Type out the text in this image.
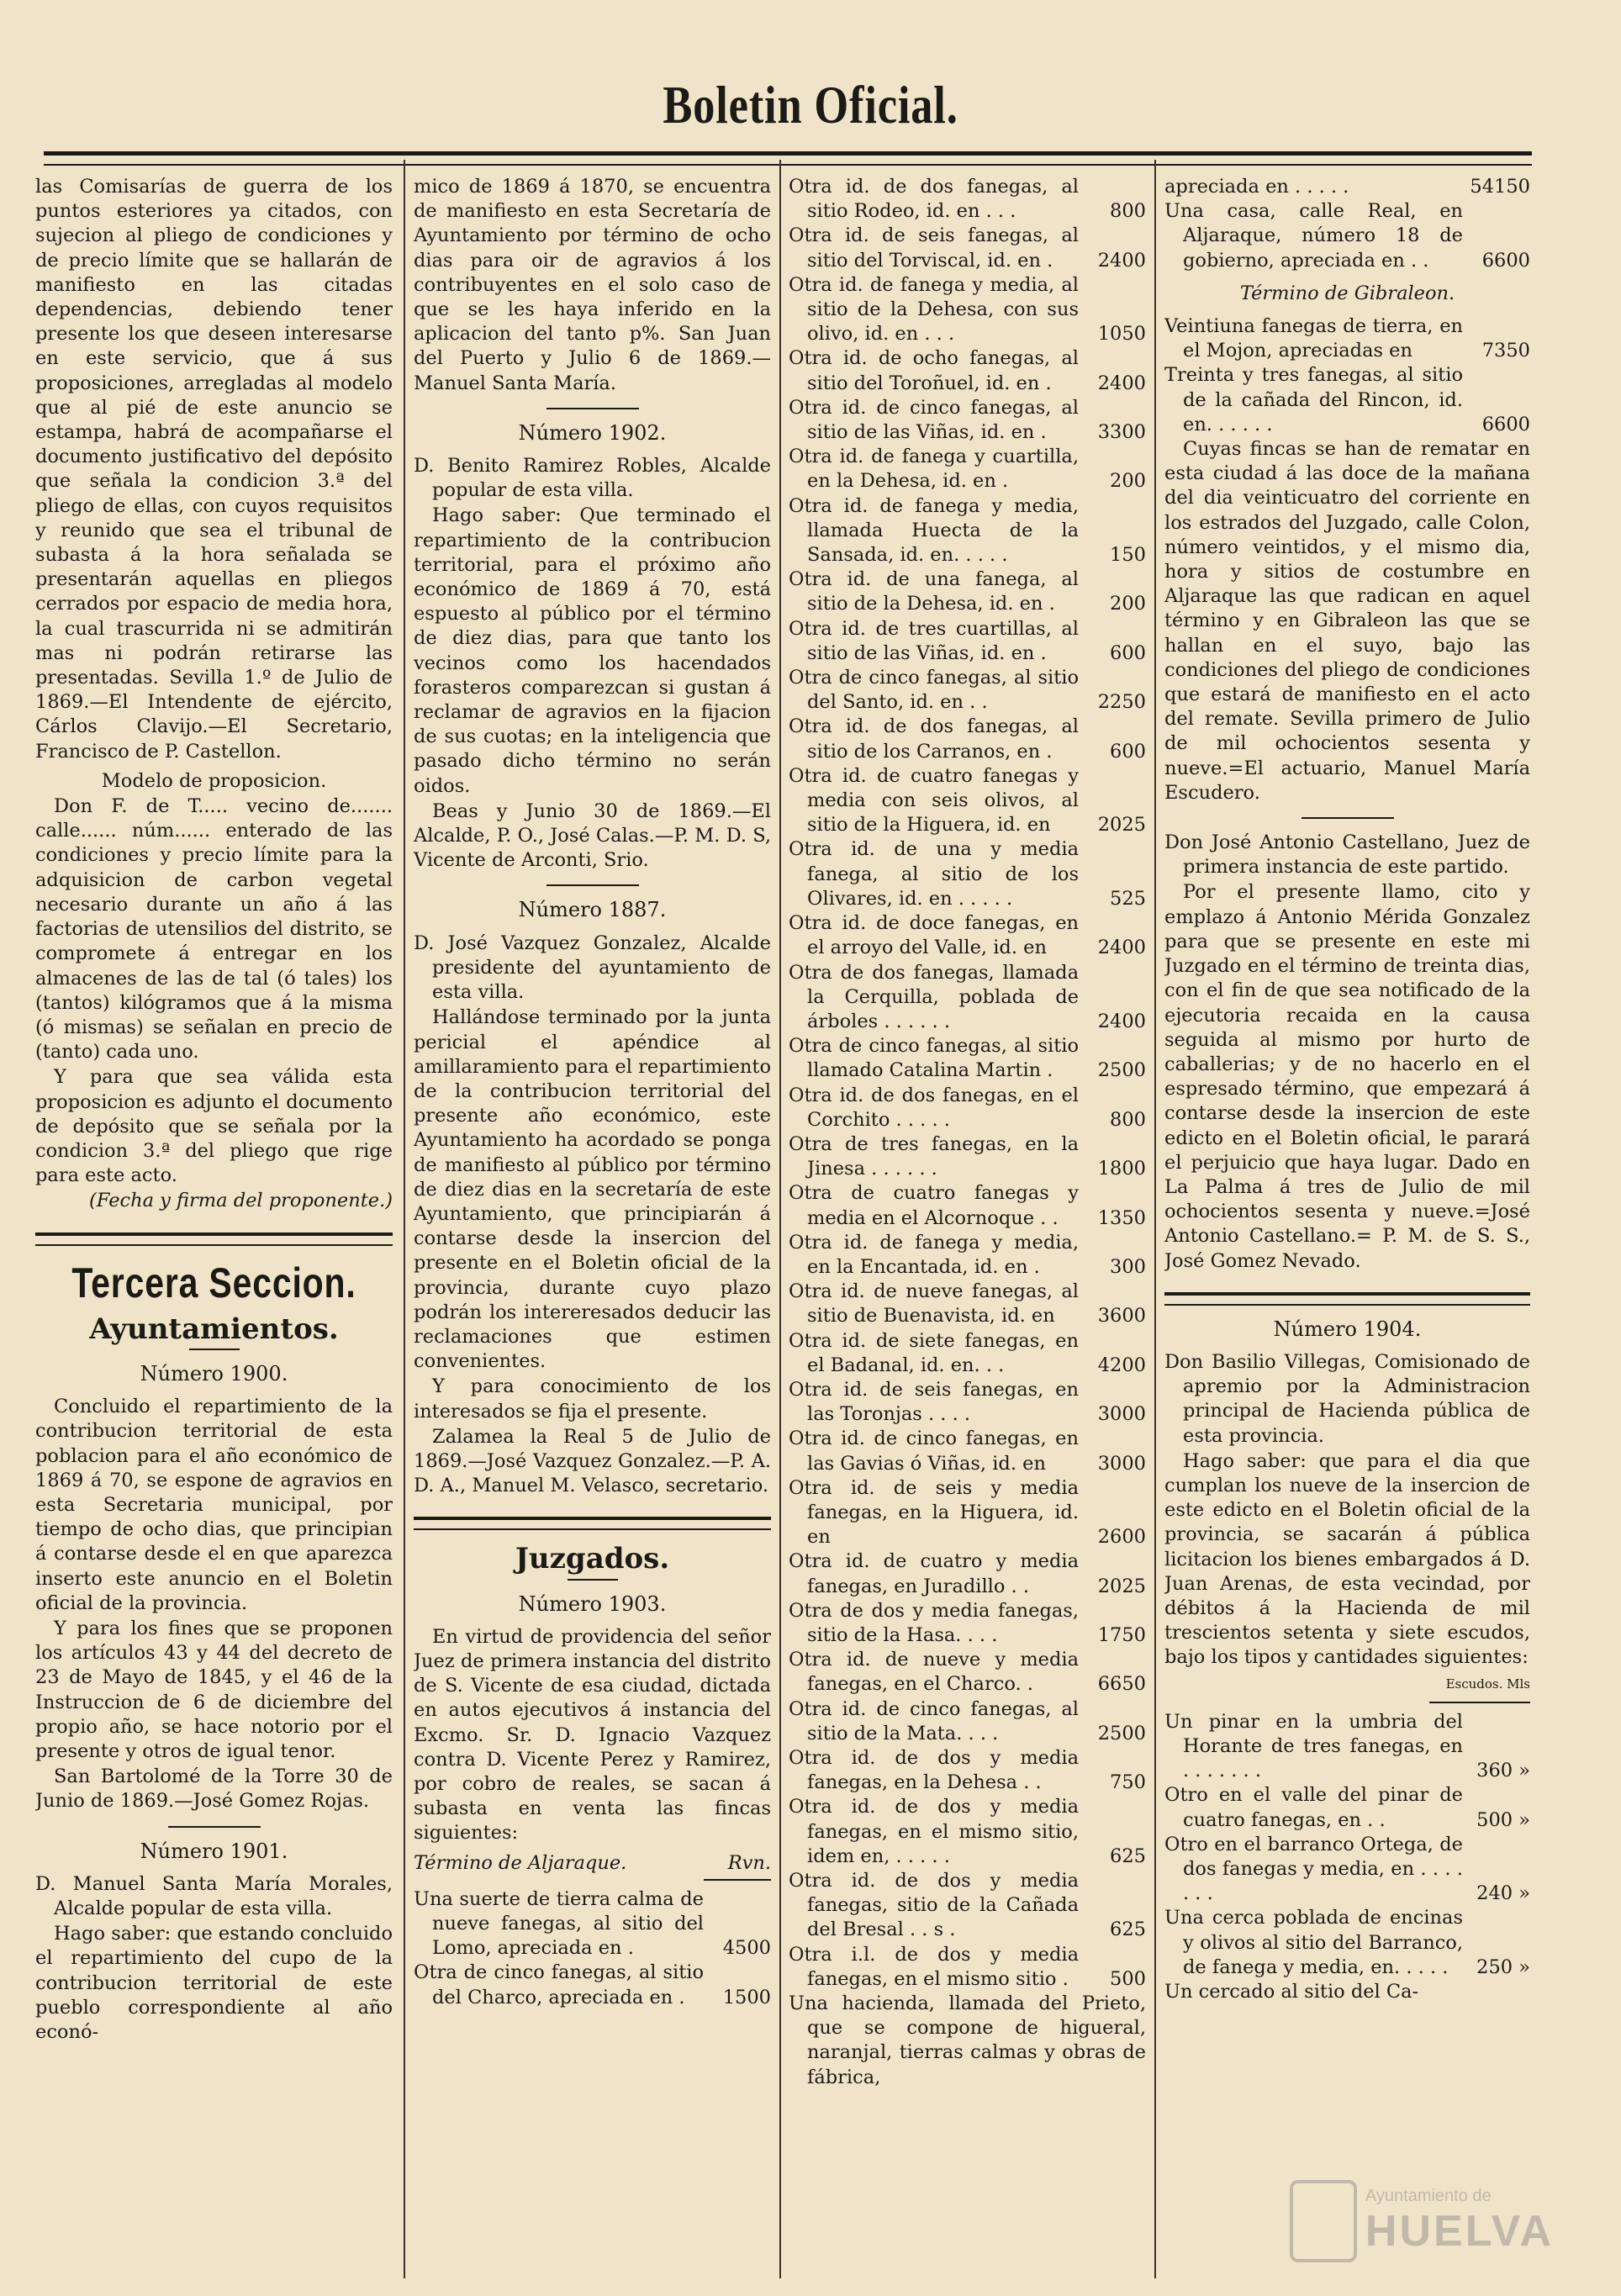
Boletin Oficial.

las Comisarías de guerra de los puntos esteriores ya citados, con sujecion al pliego de condiciones y de precio límite que se hallarán de manifiesto en las citadas dependencias, debiendo tener presente los que deseen interesarse en este servicio, que á sus proposiciones, arregladas al modelo que al pié de este anuncio se estampa, habrá de acompañarse el documento justificativo del depósito que señala la condicion 3.ª del pliego de ellas, con cuyos requisitos y reunido que sea el tribunal de subasta á la hora señalada se presentarán aquellas en pliegos cerrados por espacio de media hora, la cual trascurrida ni se admitirán mas ni podrán retirarse las presentadas. Sevilla 1.º de Julio de 1869.—El Intendente de ejército, Cárlos Clavijo.—El Secretario, Francisco de P. Castellon.

Modelo de proposicion.

Don F. de T..... vecino de....... calle...... núm...... enterado de las condiciones y precio límite para la adquisicion de carbon vegetal necesario durante un año á las factorias de utensilios del distrito, se compromete á entregar en los almacenes de las de tal (ó tales) los (tantos) kilógramos que á la misma (ó mismas) se señalan en precio de (tanto) cada uno.

Y para que sea válida esta proposicion es adjunto el documento de depósito que se señala por la condicion 3.ª del pliego que rige para este acto.

(Fecha y firma del proponente.)

Tercera Seccion.
Ayuntamientos.
Número 1900.

Concluido el repartimiento de la contribucion territorial de esta poblacion para el año económico de 1869 á 70, se espone de agravios en esta Secretaria municipal, por tiempo de ocho dias, que principian á contarse desde el en que aparezca inserto este anuncio en el Boletin oficial de la provincia.

Y para los fines que se proponen los artículos 43 y 44 del decreto de 23 de Mayo de 1845, y el 46 de la Instruccion de 6 de diciembre del propio año, se hace notorio por el presente y otros de igual tenor.

San Bartolomé de la Torre 30 de Junio de 1869.—José Gomez Rojas.

Número 1901.

D. Manuel Santa María Morales, Alcalde popular de esta villa.

Hago saber: que estando concluido el repartimiento del cupo de la contribucion territorial de este pueblo correspondiente al año econó-

mico de 1869 á 1870, se encuentra de manifiesto en esta Secretaría de Ayuntamiento por término de ocho dias para oir de agravios á los contribuyentes en el solo caso de que se les haya inferido en la aplicacion del tanto p%. San Juan del Puerto y Julio 6 de 1869.—Manuel Santa María.

Número 1902.

D. Benito Ramirez Robles, Alcalde popular de esta villa.

Hago saber: Que terminado el repartimiento de la contribucion territorial, para el próximo año económico de 1869 á 70, está espuesto al público por el término de diez dias, para que tanto los vecinos como los hacendados forasteros comparezcan si gustan á reclamar de agravios en la fijacion de sus cuotas; en la inteligencia que pasado dicho término no serán oidos.

Beas y Junio 30 de 1869.—El Alcalde, P. O., José Calas.—P. M. D. S, Vicente de Arconti, Srio.

Número 1887.

D. José Vazquez Gonzalez, Alcalde presidente del ayuntamiento de esta villa.

Hallándose terminado por la junta pericial el apéndice al amillaramiento para el repartimiento de la contribucion territorial del presente año económico, este Ayuntamiento ha acordado se ponga de manifiesto al público por término de diez dias en la secretaría de este Ayuntamiento, que principiarán á contarse desde la insercion del presente en el Boletin oficial de la provincia, durante cuyo plazo podrán los intereresados deducir las reclamaciones que estimen convenientes.

Y para conocimiento de los interesados se fija el presente.

Zalamea la Real 5 de Julio de 1869.—José Vazquez Gonzalez.—P. A. D. A., Manuel M. Velasco, secretario.

Juzgados.
Número 1903.

En virtud de providencia del señor Juez de primera instancia del distrito de S. Vicente de esa ciudad, dictada en autos ejecutivos á instancia del Excmo. Sr. D. Ignacio Vazquez contra D. Vicente Perez y Ramirez, por cobro de reales, se sacan á subasta en venta las fincas siguientes:

Término de Aljaraque.	Rvn.
Una suerte de tierra calma de nueve fanegas, al sitio del Lomo, apreciada en .	4500
Otra de cinco fanegas, al sitio del Charco, apreciada en .	1500
Otra id. de dos fanegas, al sitio Rodeo, id. en . . .	800
Otra id. de seis fanegas, al sitio del Torviscal, id. en .	2400
Otra id. de fanega y media, al sitio de la Dehesa, con sus olivo, id. en . . .	1050
Otra id. de ocho fanegas, al sitio del Toroñuel, id. en .	2400
Otra id. de cinco fanegas, al sitio de las Viñas, id. en .	3300
Otra id. de fanega y cuartilla, en la Dehesa, id. en .	200
Otra id. de fanega y media, llamada Huecta de la Sansada, id. en. . . . .	150
Otra id. de una fanega, al sitio de la Dehesa, id. en .	200
Otra id. de tres cuartillas, al sitio de las Viñas, id. en .	600
Otra de cinco fanegas, al sitio del Santo, id. en . .	2250
Otra id. de dos fanegas, al sitio de los Carranos, en .	600
Otra id. de cuatro fanegas y media con seis olivos, al sitio de la Higuera, id. en	2025
Otra id. de una y media fanega, al sitio de los Olivares, id. en . . . . .	525
Otra id. de doce fanegas, en el arroyo del Valle, id. en	2400
Otra de dos fanegas, llamada la Cerquilla, poblada de árboles . . . . . .	2400
Otra de cinco fanegas, al sitio llamado Catalina Martin .	2500
Otra id. de dos fanegas, en el Corchito . . . . .	800
Otra de tres fanegas, en la Jinesa . . . . . .	1800
Otra de cuatro fanegas y media en el Alcornoque . .	1350
Otra id. de fanega y media, en la Encantada, id. en .	300
Otra id. de nueve fanegas, al sitio de Buenavista, id. en	3600
Otra id. de siete fanegas, en el Badanal, id. en. . .	4200
Otra id. de seis fanegas, en las Toronjas . . . .	3000
Otra id. de cinco fanegas, en las Gavias ó Viñas, id. en	3000
Otra id. de seis y media fanegas, en la Higuera, id. en	2600
Otra id. de cuatro y media fanegas, en Juradillo . .	2025
Otra de dos y media fanegas, sitio de la Hasa. . . .	1750
Otra id. de nueve y media fanegas, en el Charco. .	6650
Otra id. de cinco fanegas, al sitio de la Mata. . . .	2500
Otra id. de dos y media fanegas, en la Dehesa . .	750
Otra id. de dos y media fanegas, en el mismo sitio, idem en, . . . . .	625
Otra id. de dos y media fanegas, sitio de la Cañada del Bresal . . s .	625
Otra i.l. de dos y media fanegas, en el mismo sitio .	500

Una hacienda, llamada del Prieto, que se compone de higueral, naranjal, tierras calmas y obras de fábrica,

apreciada en . . . . .	54150
Una casa, calle Real, en Aljaraque, número 18 de gobierno, apreciada en . .	6600
Término de Gibraleon.
Veintiuna fanegas de tierra, en el Mojon, apreciadas en	7350
Treinta y tres fanegas, al sitio de la cañada del Rincon, id. en. . . . . .	6600

Cuyas fincas se han de rematar en esta ciudad á las doce de la mañana del dia veinticuatro del corriente en los estrados del Juzgado, calle Colon, número veintidos, y el mismo dia, hora y sitios de costumbre en Aljaraque las que radican en aquel término y en Gibraleon las que se hallan en el suyo, bajo las condiciones del pliego de condiciones que estará de manifiesto en el acto del remate. Sevilla primero de Julio de mil ochocientos sesenta y nueve.=El actuario, Manuel María Escudero.

Don José Antonio Castellano, Juez de primera instancia de este partido.

Por el presente llamo, cito y emplazo á Antonio Mérida Gonzalez para que se presente en este mi Juzgado en el término de treinta dias, con el fin de que sea notificado de la ejecutoria recaida en la causa seguida al mismo por hurto de caballerias; y de no hacerlo en el espresado término, que empezará á contarse desde la insercion de este edicto en el Boletin oficial, le parará el perjuicio que haya lugar. Dado en La Palma á tres de Julio de mil ochocientos sesenta y nueve.=José Antonio Castellano.= P. M. de S. S., José Gomez Nevado.

Número 1904.

Don Basilio Villegas, Comisionado de apremio por la Administracion principal de Hacienda pública de esta provincia.

Hago saber: que para el dia que cumplan los nueve de la insercion de este edicto en el Boletin oficial de la provincia, se sacarán á pública licitacion los bienes embargados á D. Juan Arenas, de esta vecindad, por débitos á la Hacienda de mil trescientos setenta y siete escudos, bajo los tipos y cantidades siguientes:

Escudos. Mls
Un pinar en la umbria del Horante de tres fanegas, en . . . . . . .	360 »
Otro en el valle del pinar de cuatro fanegas, en . .	500 »
Otro en el barranco Ortega, de dos fanegas y media, en . . . . . . .	240 »
Una cerca poblada de encinas y olivos al sitio del Barranco, de fanega y media, en. . . . .	250 »

Un cercado al sitio del Ca-

Ayuntamiento de
HUELVA
